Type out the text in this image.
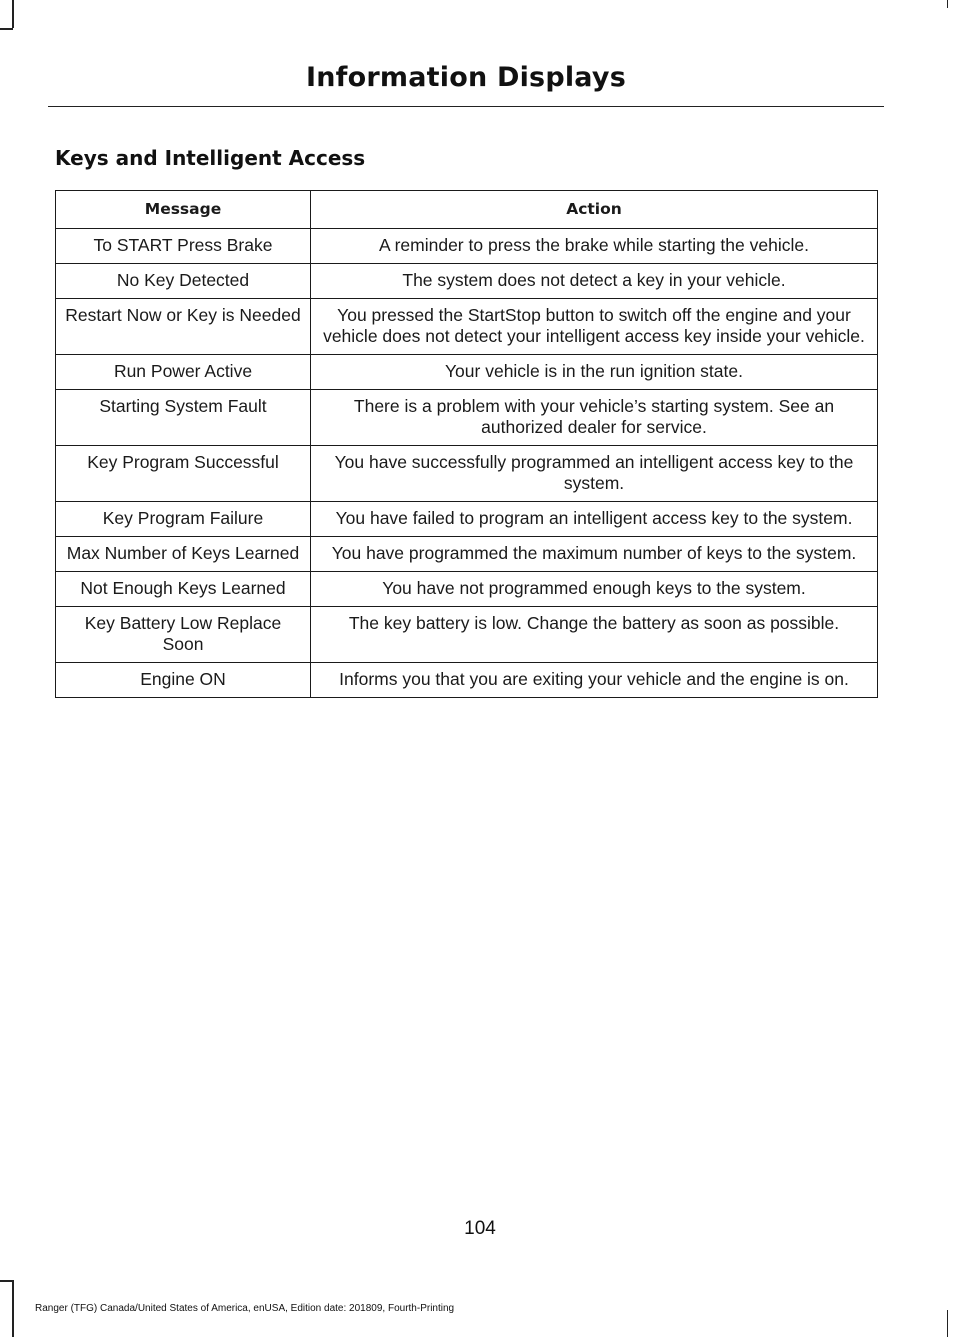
Information Displays
Keys and Intelligent Access
Message	Action
To START Press Brake	A reminder to press the brake while starting the vehicle.
No Key Detected	The system does not detect a key in your vehicle.
Restart Now or Key is Needed	You pressed the StartStop button to switch off the engine and your vehicle does not detect your intelligent access key inside your vehicle.
Run Power Active	Your vehicle is in the run ignition state.
Starting System Fault	There is a problem with your vehicle’s starting system. See an authorized dealer for service.
Key Program Successful	You have successfully programmed an intelligent access key to the system.
Key Program Failure	You have failed to program an intelligent access key to the system.
Max Number of Keys Learned	You have programmed the maximum number of keys to the system.
Not Enough Keys Learned	You have not programmed enough keys to the system.
Key Battery Low Replace Soon	The key battery is low. Change the battery as soon as possible.
Engine ON	Informs you that you are exiting your vehicle and the engine is on.
104
Ranger (TFG) Canada/United States of America, enUSA, Edition date: 201809, Fourth-Printing
